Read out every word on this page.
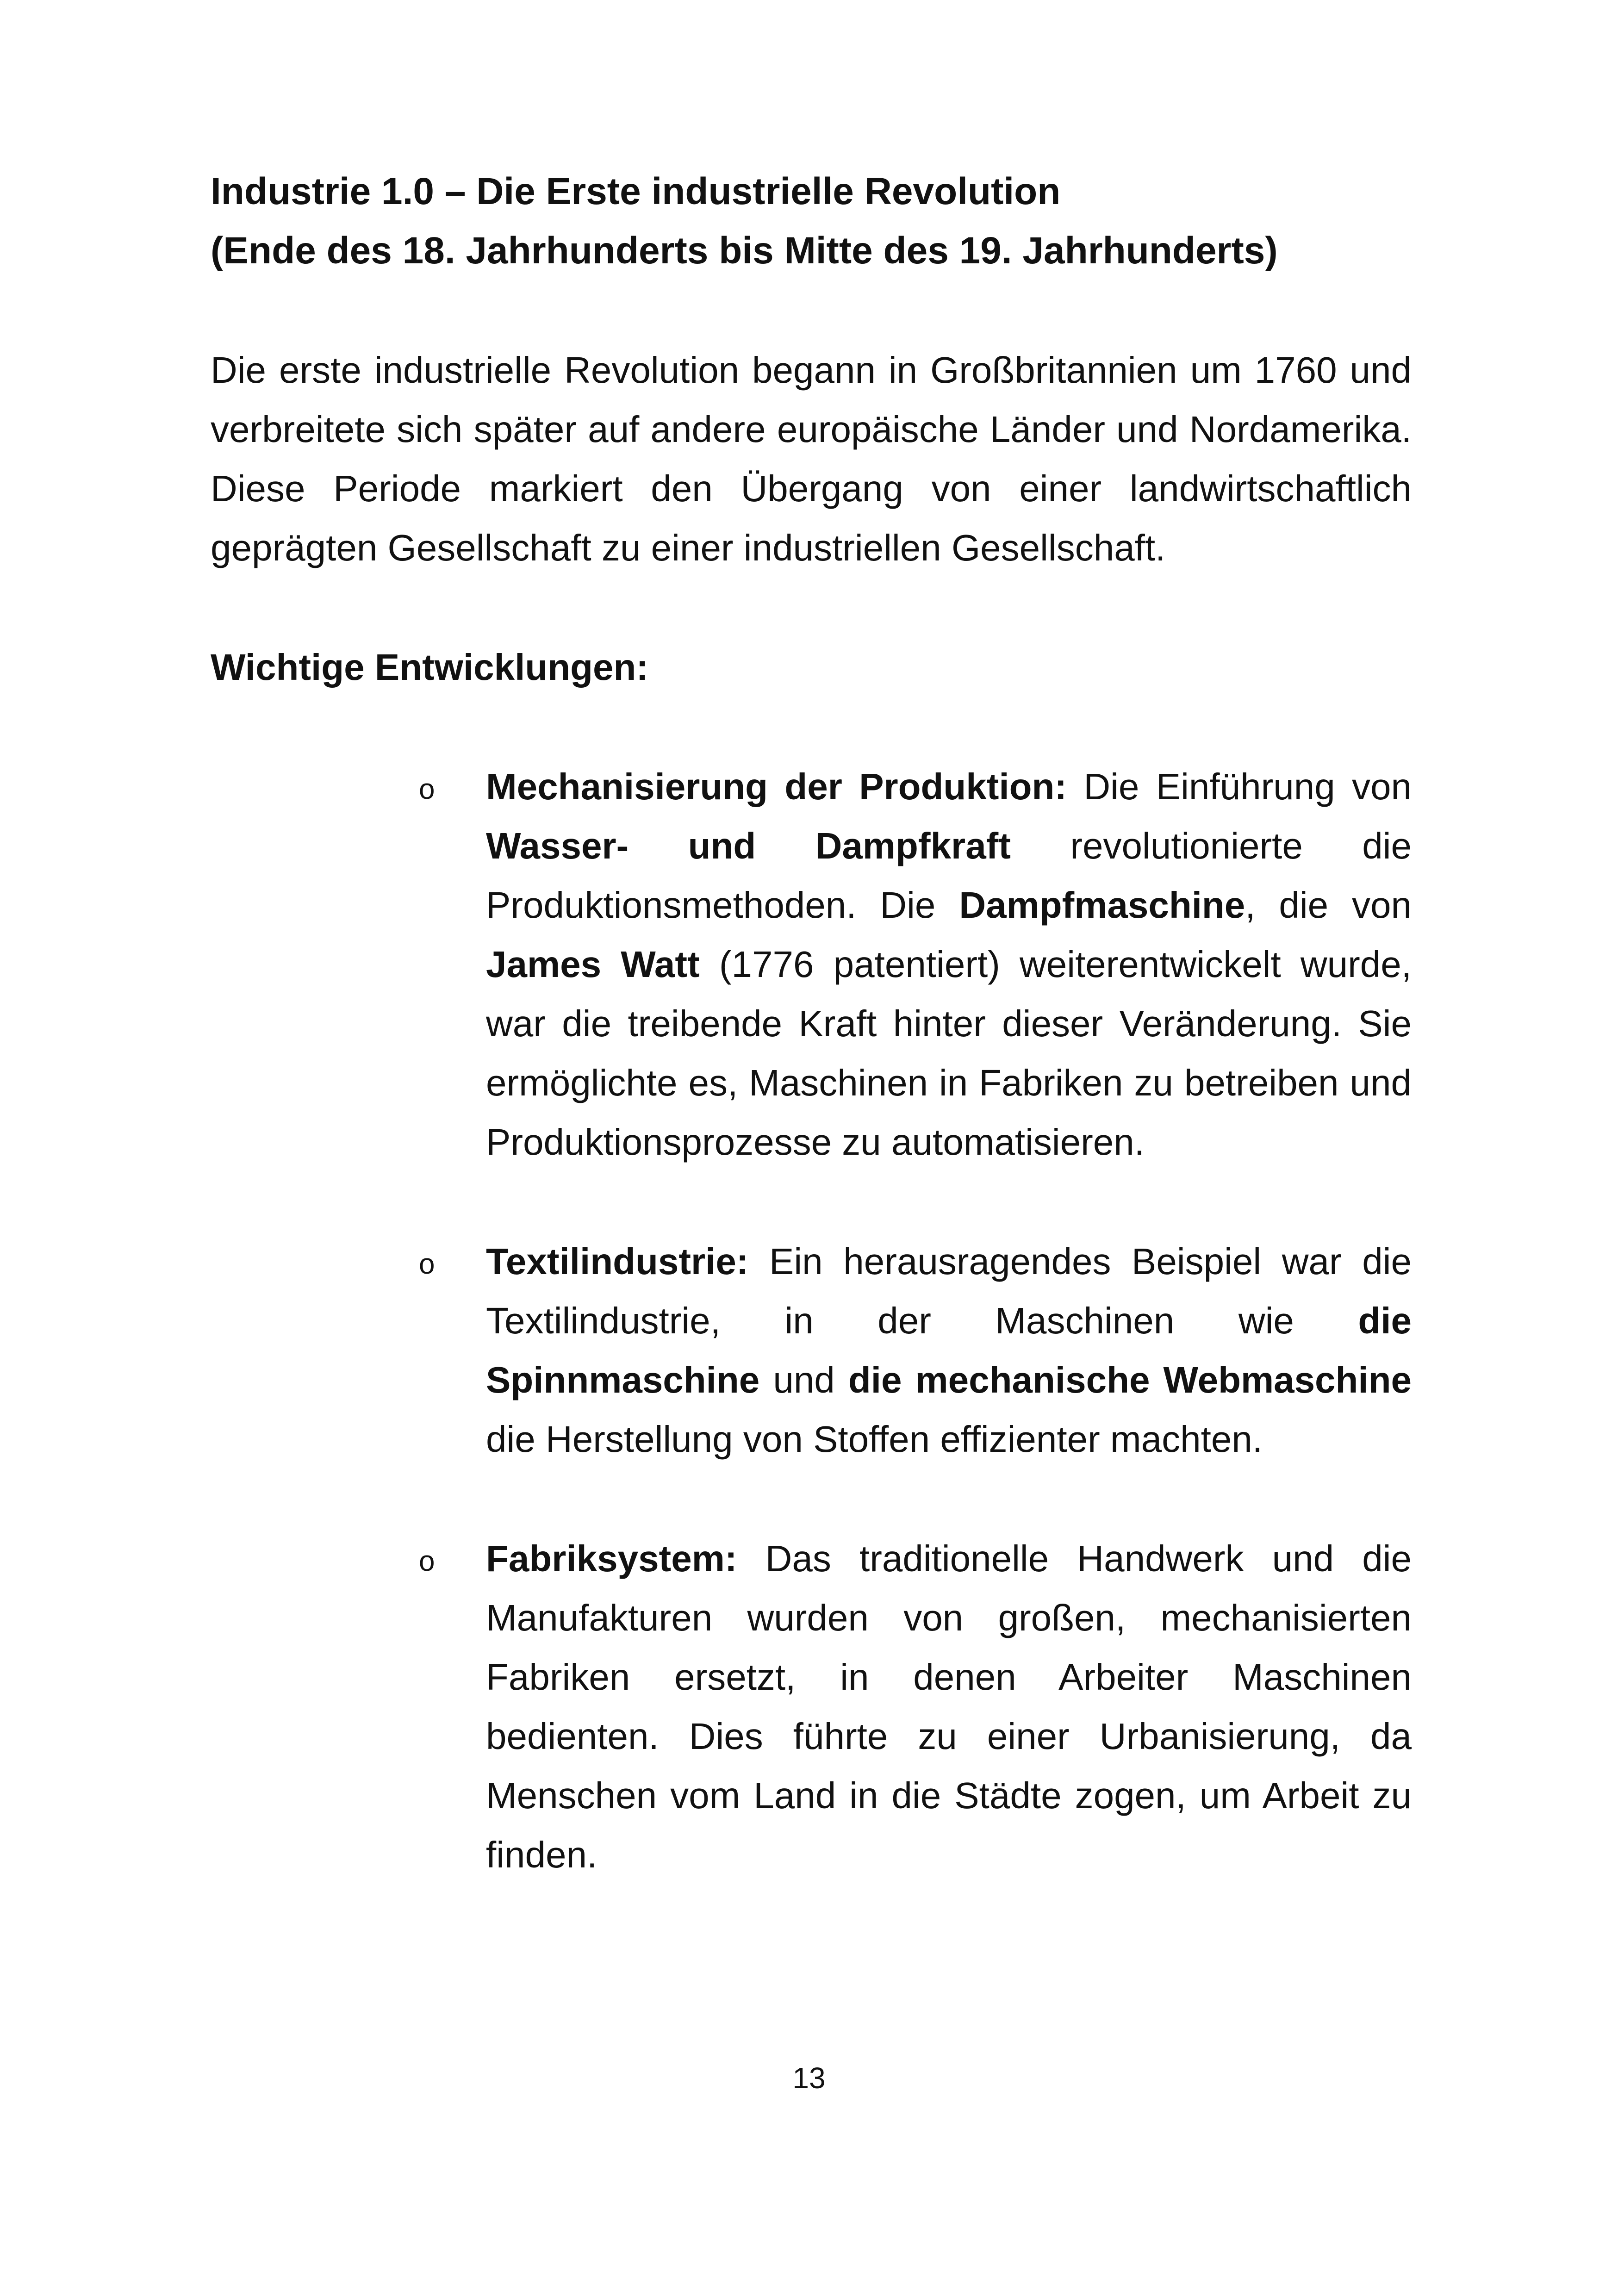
Industrie 1.0 – Die Erste industrielle Revolution
(Ende des 18. Jahrhunderts bis Mitte des 19. Jahrhunderts)

Die erste industrielle Revolution begann in Großbritannien um 1760 und verbreitete sich später auf andere europäische Länder und Nordamerika. Diese Periode markiert den Übergang von einer landwirtschaftlich geprägten Gesellschaft zu einer industriellen Gesellschaft.

Wichtige Entwicklungen:

o Mechanisierung der Produktion: Die Einführung von Wasser- und Dampfkraft revolutionierte die Produktionsmethoden. Die Dampfmaschine, die von James Watt (1776 patentiert) weiterentwickelt wurde, war die treibende Kraft hinter dieser Veränderung. Sie ermöglichte es, Maschinen in Fabriken zu betreiben und Produktionsprozesse zu automatisieren.
o Textilindustrie: Ein herausragendes Beispiel war die Textilindustrie, in der Maschinen wie die Spinnmaschine und die mechanische Webmaschine die Herstellung von Stoffen effizienter machten.
o Fabriksystem: Das traditionelle Handwerk und die Manufakturen wurden von großen, mechanisierten Fabriken ersetzt, in denen Arbeiter Maschinen bedienten. Dies führte zu einer Urbanisierung, da Menschen vom Land in die Städte zogen, um Arbeit zu finden.
13
